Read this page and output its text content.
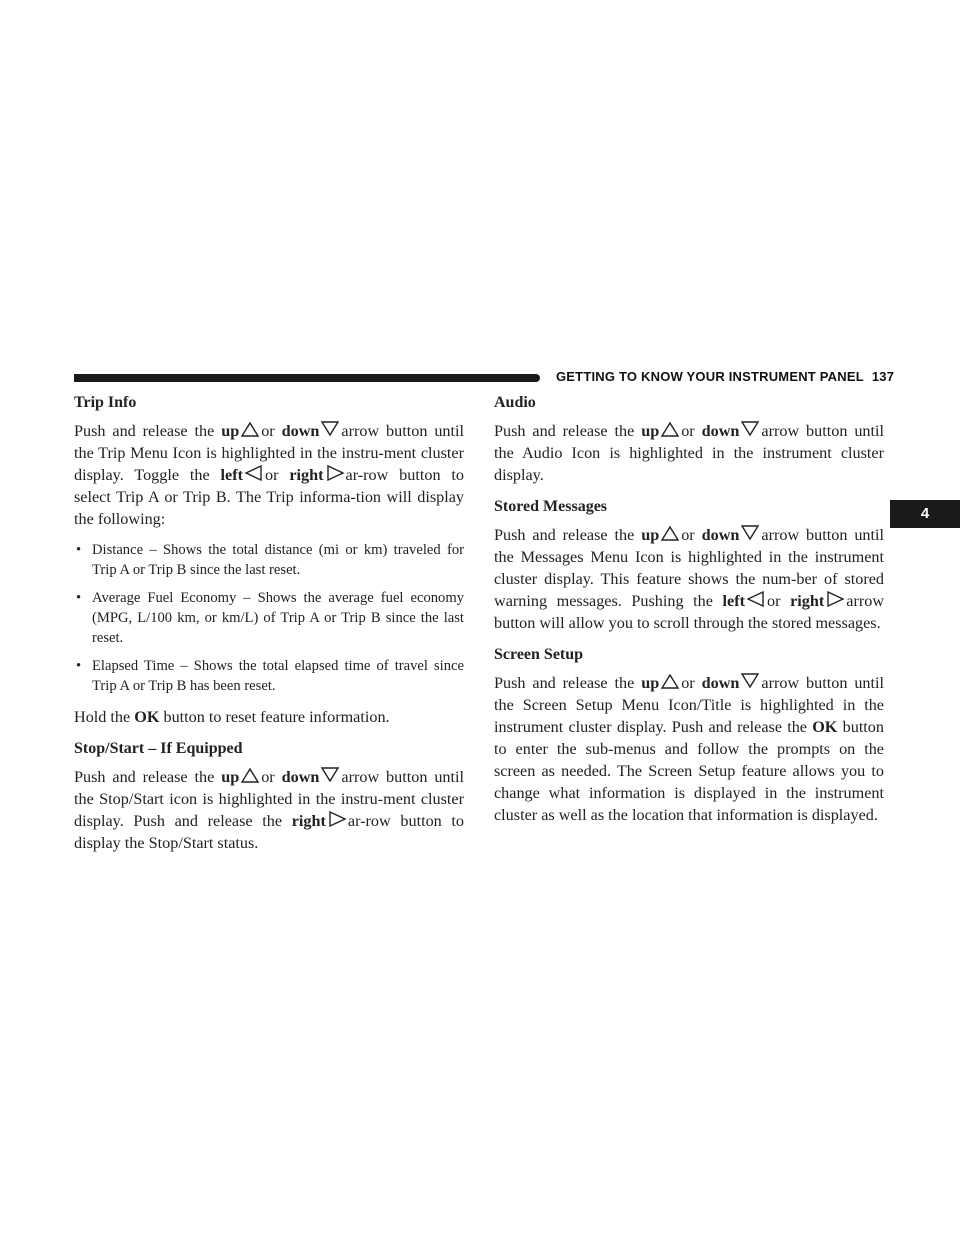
GETTING TO KNOW YOUR INSTRUMENT PANEL 137
4
Trip Info

Push and release the up or down arrow button until the Trip Menu Icon is highlighted in the instru-ment cluster display. Toggle the left or right ar-row button to select Trip A or Trip B. The Trip informa-tion will display the following:

• Distance – Shows the total distance (mi or km) traveled for Trip A or Trip B since the last reset.
• Average Fuel Economy – Shows the average fuel economy (MPG, L/100 km, or km/L) of Trip A or Trip B since the last reset.
• Elapsed Time – Shows the total elapsed time of travel since Trip A or Trip B has been reset.

Hold the OK button to reset feature information.

Stop/Start – If Equipped

Push and release the up or down arrow button until the Stop/Start icon is highlighted in the instru-ment cluster display. Push and release the right ar-row button to display the Stop/Start status.

Audio

Push and release the up or down arrow button until the Audio Icon is highlighted in the instrument cluster display.

Stored Messages

Push and release the up or down arrow button until the Messages Menu Icon is highlighted in the instrument cluster display. This feature shows the num-ber of stored warning messages. Pushing the left or right arrow button will allow you to scroll through the stored messages.

Screen Setup

Push and release the up or down arrow button until the Screen Setup Menu Icon/Title is highlighted in the instrument cluster display. Push and release the OK button to enter the sub-menus and follow the prompts on the screen as needed. The Screen Setup feature allows you to change what information is displayed in the instrument cluster as well as the location that information is displayed.
